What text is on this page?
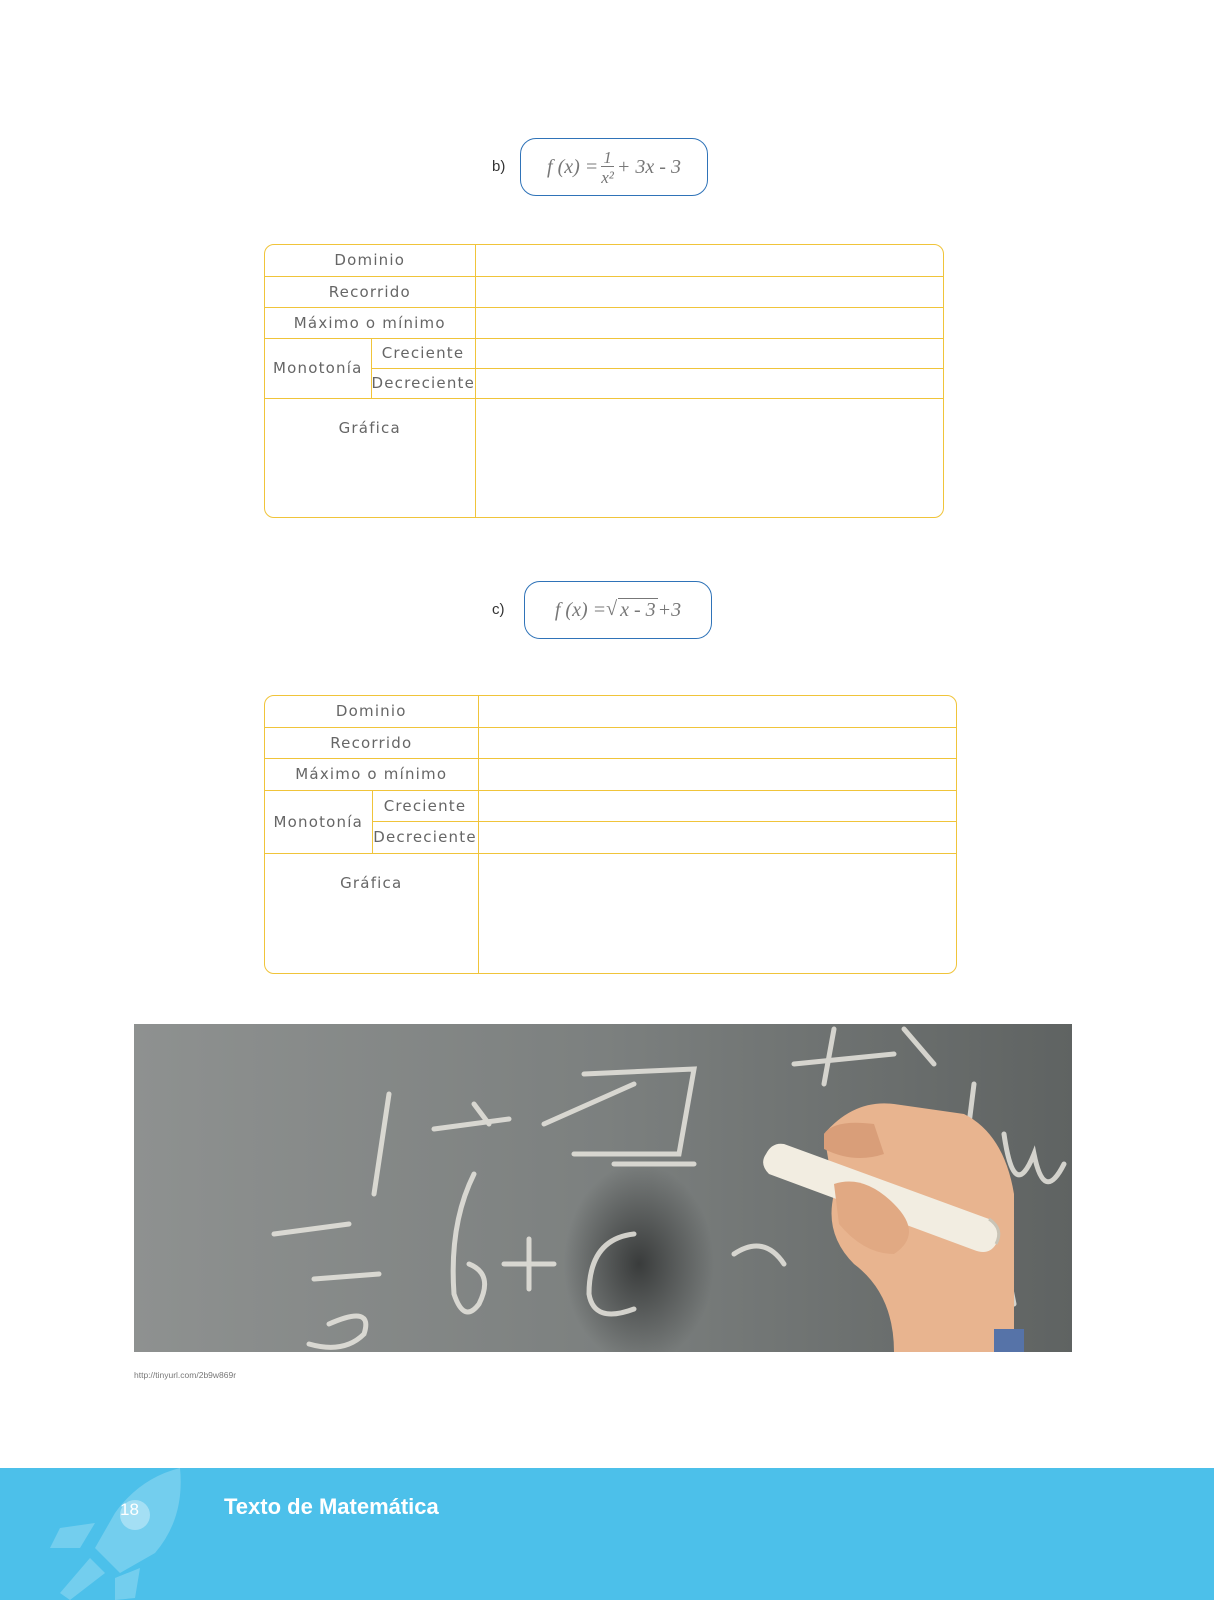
b) f $(x) = \frac{1}{\text{x²}} + 3x - 3$
Dominio		
Recorrido		
Máximo o mínimo		
Monotonía	Creciente	
	Decreciente	
Gráfica		
c)	f (x) = √ x - 3 +3
Dominio		
Recorrido		
Máximo o mínimo		
Monotonía	Creciente	
	Decreciente	
Gráfica		
http://tinyurl.com/2b9w869r
18	Texto de Matemática
